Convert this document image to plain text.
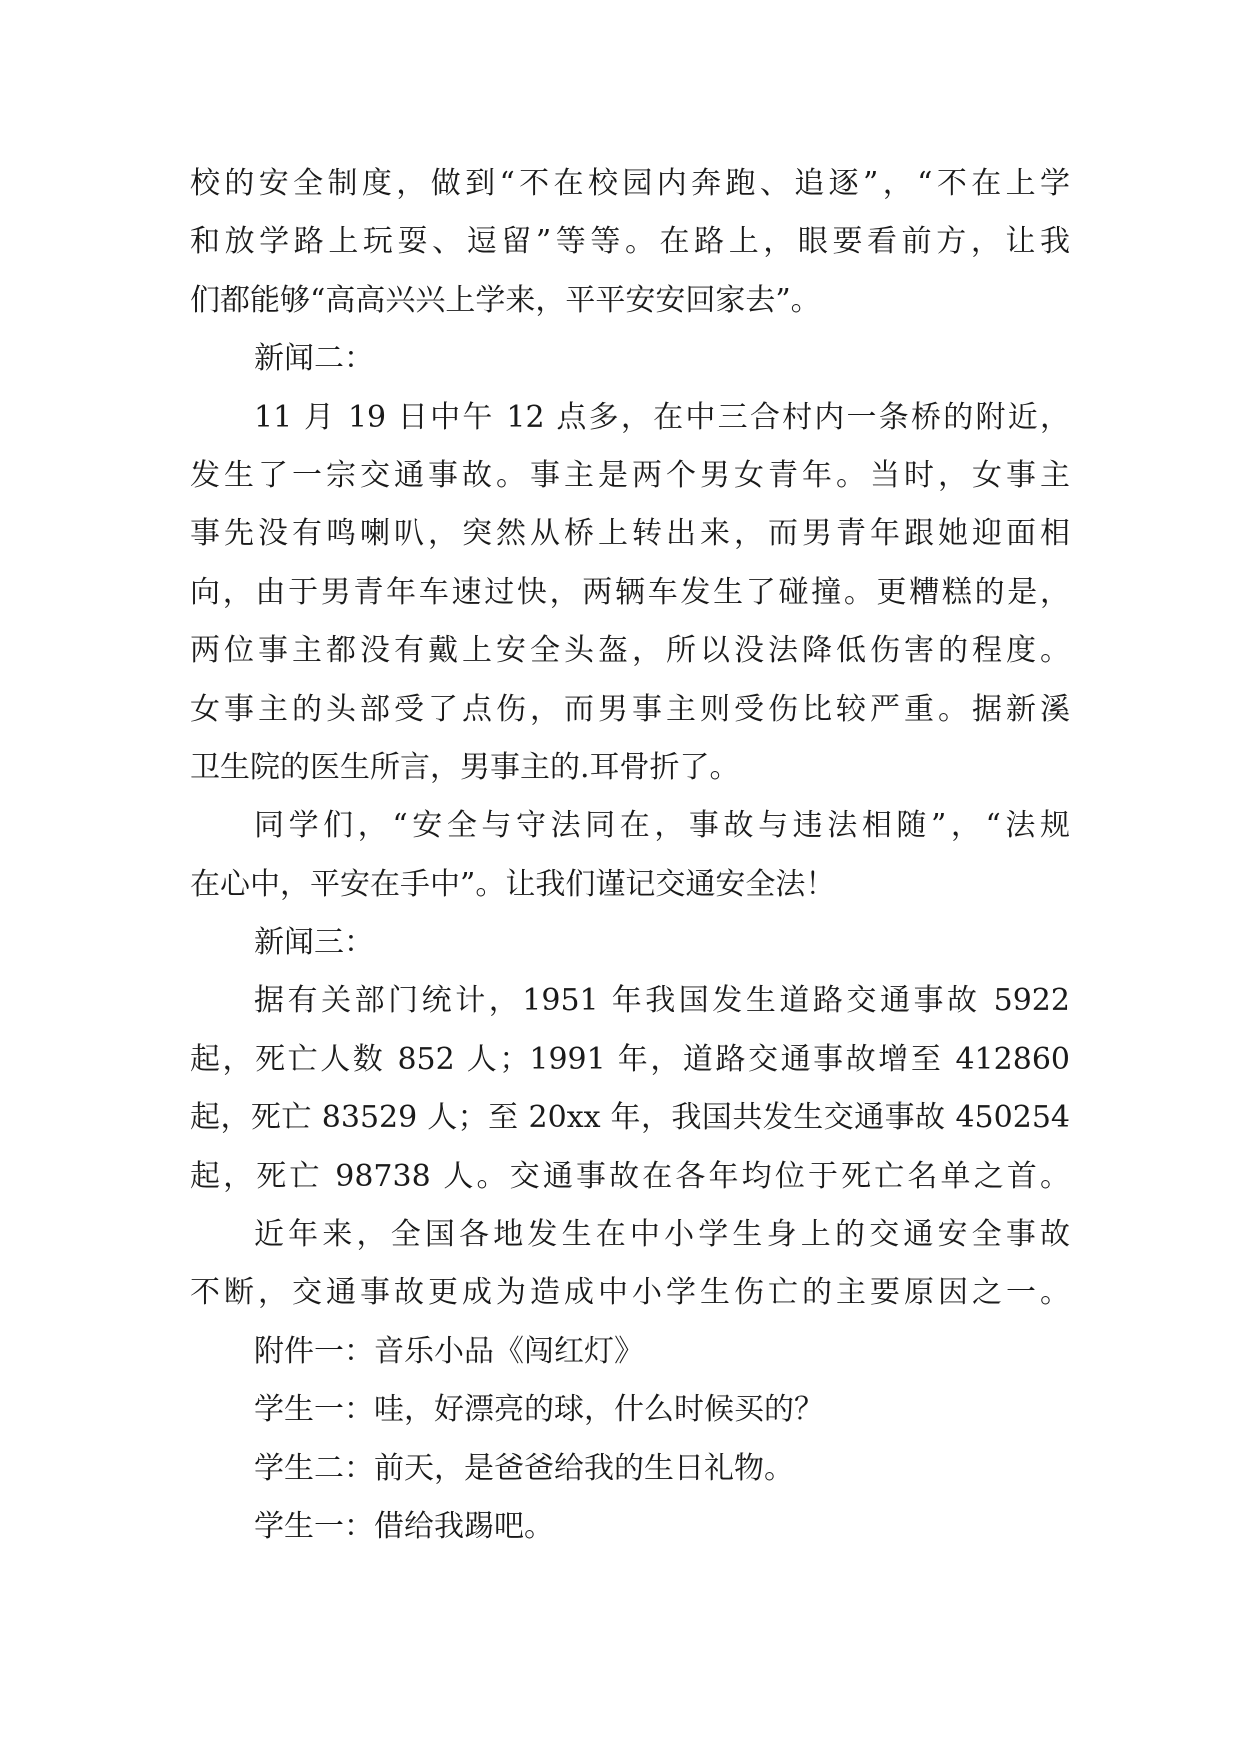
校的安全制度，做到“不在校园内奔跑、追逐”，“不在上学
和放学路上玩耍、逗留”等等。在路上，眼要看前方，让我
们都能够“高高兴兴上学来，平平安安回家去”。
新闻二：
11 月 19 日中午 12 点多，在中三合村内一条桥的附近，
发生了一宗交通事故。事主是两个男女青年。当时，女事主
事先没有鸣喇叭，突然从桥上转出来，而男青年跟她迎面相
向，由于男青年车速过快，两辆车发生了碰撞。更糟糕的是，
两位事主都没有戴上安全头盔，所以没法降低伤害的程度。
女事主的头部受了点伤，而男事主则受伤比较严重。据新溪
卫生院的医生所言，男事主的.耳骨折了。
同学们，“安全与守法同在，事故与违法相随”，“法规
在心中，平安在手中”。让我们谨记交通安全法！
新闻三：
据有关部门统计，1951 年我国发生道路交通事故 5922
起，死亡人数 852 人；1991 年，道路交通事故增至 412860
起，死亡 83529 人；至 20xx 年，我国共发生交通事故 450254
起，死亡 98738 人。交通事故在各年均位于死亡名单之首。
近年来，全国各地发生在中小学生身上的交通安全事故
不断，交通事故更成为造成中小学生伤亡的主要原因之一。
附件一：音乐小品《闯红灯》
学生一：哇，好漂亮的球，什么时候买的？
学生二：前天，是爸爸给我的生日礼物。
学生一：借给我踢吧。
